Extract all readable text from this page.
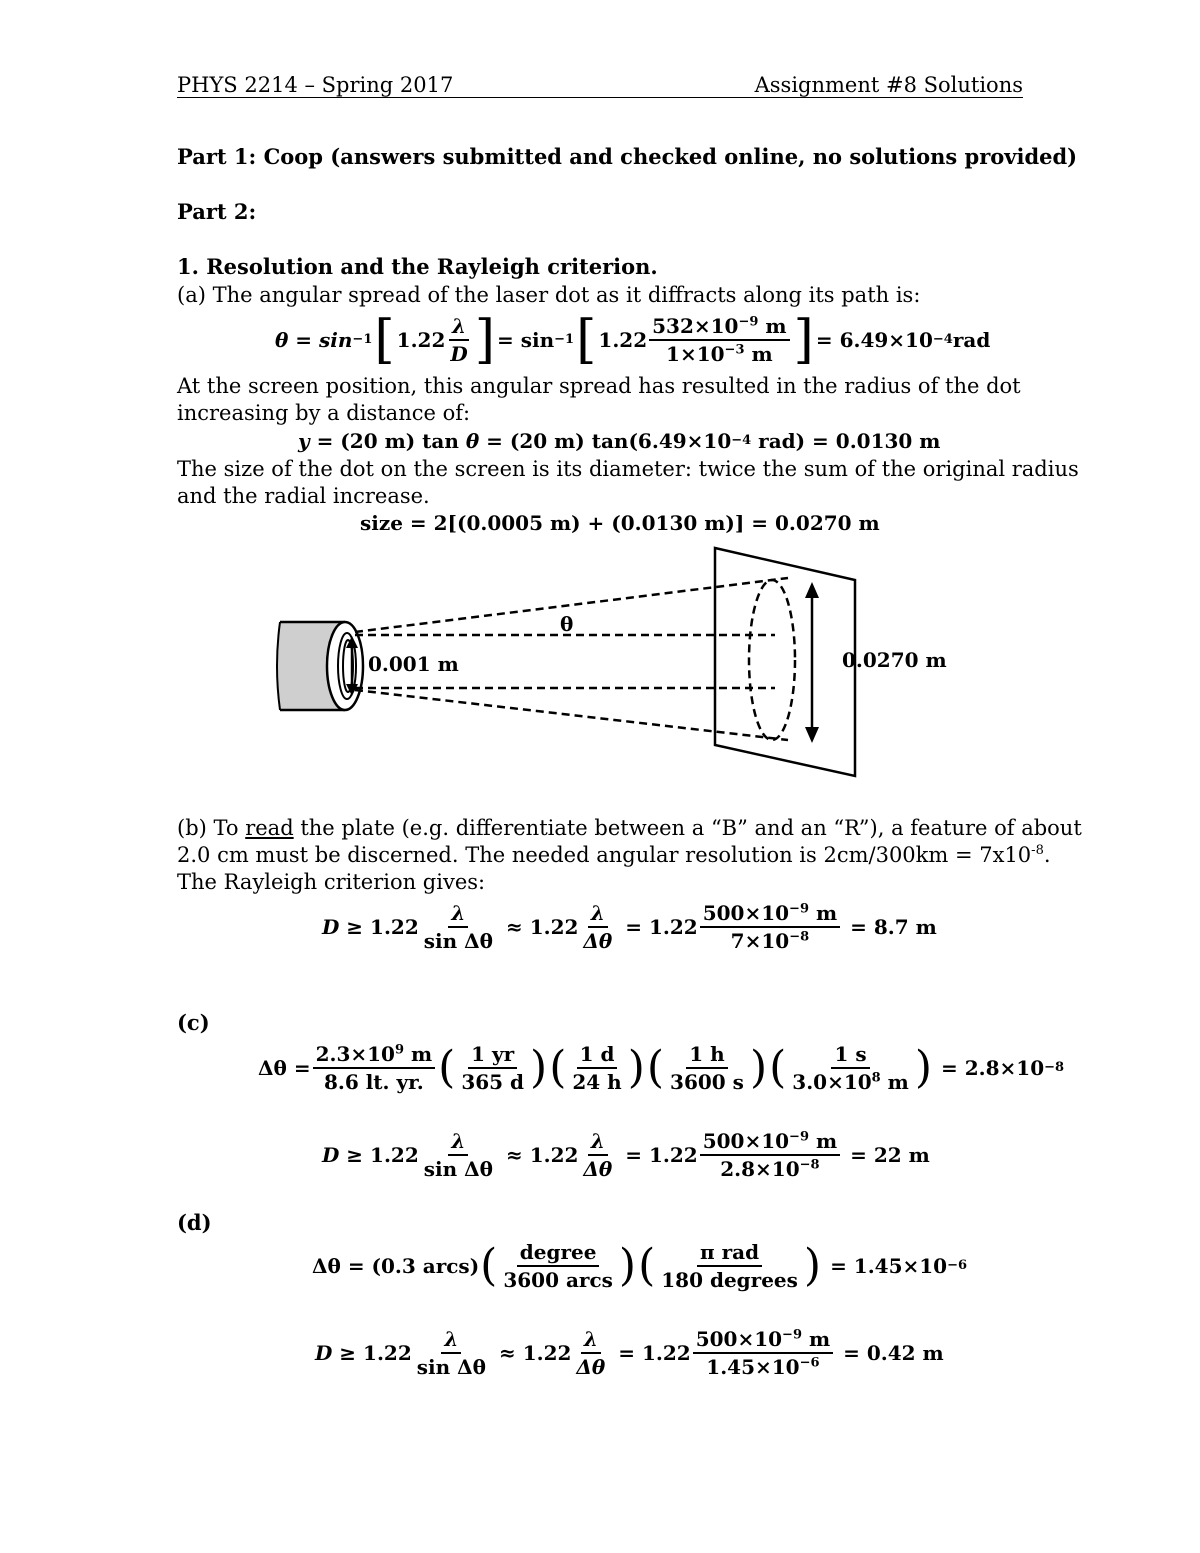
PHYS 2214 – Spring 2017	Assignment #8 Solutions
Part 1: Coop (answers submitted and checked online, no solutions provided)
Part 2:
1. Resolution and the Rayleigh criterion.
(a) The angular spread of the laser dot as it diffracts along its path is:
θ = sin −1 [ $1.22 \frac{\lambda}{D}$ ] = sin −1 [ $1.22 \frac{532\times 10^{-9} m}{1\times 10^{-3} m}$ ] = 6.49×10 −4 rad
At the screen position, this angular spread has resulted in the radius of the dot
increasing by a distance of:
y = (20 m) tan θ = (20 m) tan(6.49×10 −4 rad) = 0.0130 m
The size of the dot on the screen is its diameter: twice the sum of the original radius
and the radial increase.
size = 2[(0.0005 m) + (0.0130 m)] = 0.0270 m
θ
0.001 m	0.0270 m
(b) To read the plate (e.g. differentiate between a “B” and an “R”), a feature of about
2.0 cm must be discerned. The needed angular resolution is $2cm/300km = 7x10^{-8}$.
The Rayleigh criterion gives:
$D \ge 1.22 \frac{\lambda}{\text{sin Δθ}} \approx 1.22 \frac{\lambda}{\Delta\theta} = 1.22 \frac{500\times 10^{-9} m}{7\times 10^{-8}} = 8.7$ m
(c)
$\Delta\theta = \frac{2.3\times 10^9 m}{8.6 lt. yr.}$ ( $\frac{1 yr}{365 d}$ ) ( $\frac{1 d}{24 h}$ ) ( $\frac{1 h}{3600 s}$ ) ( $\frac{1 s}{3.0\times 10^8 m}$ ) = 2.8×10 −8
$D \ge 1.22 \frac{\lambda}{\text{sin Δθ}} \approx 1.22 \frac{\lambda}{\Delta\theta} = 1.22 \frac{500\times 10^{-9} m}{2.8\times 10^{-8}} = 22$ m
(d)
Δθ = (0.3 arcs) ( $\frac{\text{degree}}{\text{3600 arcs}}$ ) ( $\frac{\text{π rad}}{\text{180 degrees}}$ ) = 1.45×10 −6
$D \ge 1.22 \frac{\lambda}{\text{sin Δθ}} \approx 1.22 \frac{\lambda}{\Delta\theta} = 1.22 \frac{500\times 10^{-9} m}{1.45\times 10^{-6}} = 0.42$ m
